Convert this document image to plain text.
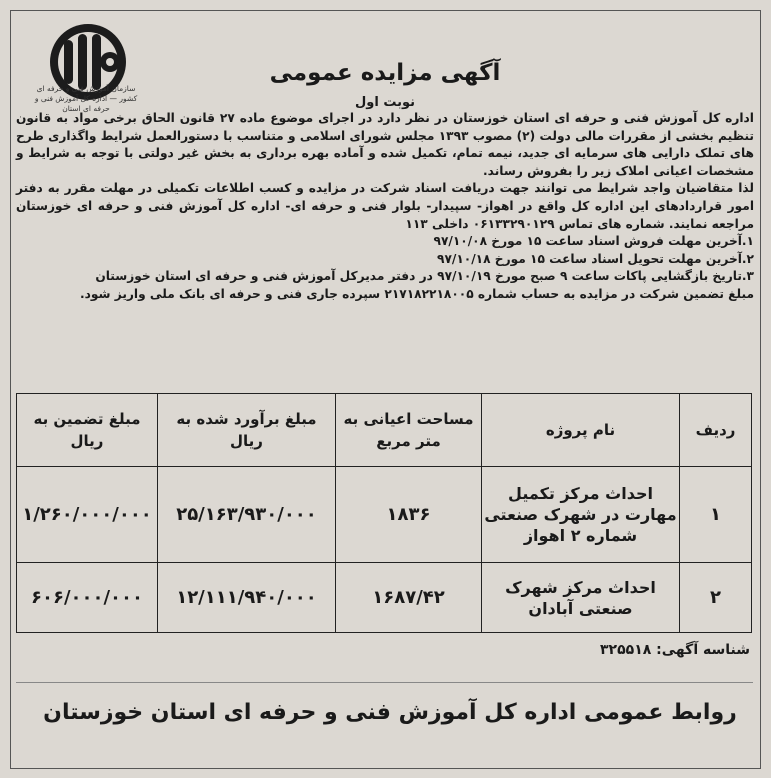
سازمان آموزش فنی و حرفه ای کشور — اداره کل آموزش فنی و حرفه ای استان
آگهی مزایده عمومی
نوبت اول

اداره کل آموزش فنی و حرفه ای استان خوزستان در نظر دارد در اجرای موضوع ماده ۲۷ قانون الحاق برخی مواد به قانون تنظیم بخشی از مقررات مالی دولت (۲) مصوب ۱۳۹۳ مجلس شورای اسلامی و متناسب با دستورالعمل شرایط واگذاری طرح های تملک دارایی های سرمایه ای جدید، نیمه تمام، تکمیل شده و آماده بهره برداری به بخش غیر دولتی با توجه به شرایط و مشخصات اعیانی املاک زیر را بفروش رساند.

لذا متقاضیان واجد شرایط می توانند جهت دریافت اسناد شرکت در مزایده و کسب اطلاعات تکمیلی در مهلت مقرر به دفتر امور قراردادهای این اداره کل واقع در اهواز- سپیدار- بلوار فنی و حرفه ای- اداره کل آموزش فنی و حرفه ای خوزستان مراجعه نمایند. شماره های تماس ۰۶۱۳۳۲۹۰۱۲۹ داخلی ۱۱۳

۱.آخرین مهلت فروش اسناد ساعت ۱۵ مورخ ۹۷/۱۰/۰۸

۲.آخرین مهلت تحویل اسناد ساعت ۱۵ مورخ ۹۷/۱۰/۱۸

۳.تاریخ بازگشایی پاکات ساعت ۹ صبح مورخ ۹۷/۱۰/۱۹ در دفتر مدیرکل آموزش فنی و حرفه ای استان خوزستان

مبلغ تضمین شرکت در مزایده به حساب شماره ۲۱۷۱۸۲۲۱۸۰۰۵ سپرده جاری فنی و حرفه ای بانک ملی واریز شود.

ردیف	نام پروژه	مساحت اعیانی به متر مربع	مبلغ برآورد شده به ریال	مبلغ تضمین به ریال
۱	احداث مرکز تکمیل مهارت در شهرک صنعتی شماره ۲ اهواز	۱۸۳۶	۲۵/۱۶۳/۹۳۰/۰۰۰	۱/۲۶۰/۰۰۰/۰۰۰
۲	احداث مرکز شهرک صنعتی آبادان	۱۶۸۷/۴۲	۱۲/۱۱۱/۹۴۰/۰۰۰	۶۰۶/۰۰۰/۰۰۰
شناسه آگهی: ۳۲۵۵۱۸
روابط عمومی اداره کل آموزش فنی و حرفه ای استان خوزستان
